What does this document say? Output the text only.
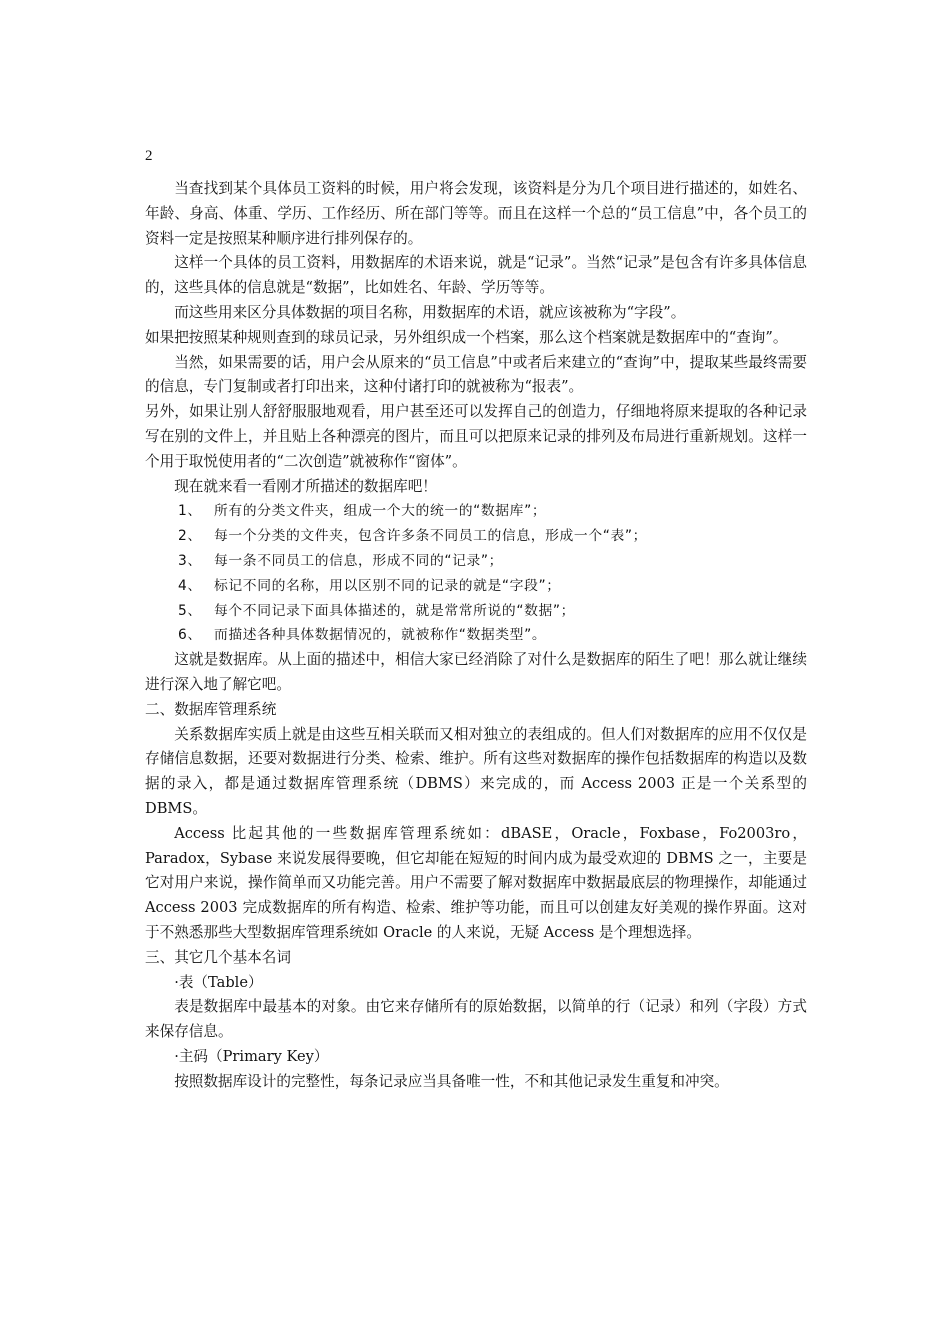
2

当查找到某个具体员工资料的时候，用户将会发现，该资料是分为几个项目进行描述的，如姓名、年龄、身高、体重、学历、工作经历、所在部门等等。而且在这样一个总的“员工信息”中，各个员工的资料一定是按照某种顺序进行排列保存的。

这样一个具体的员工资料，用数据库的术语来说，就是“记录”。当然“记录”是包含有许多具体信息的，这些具体的信息就是“数据”，比如姓名、年龄、学历等等。

而这些用来区分具体数据的项目名称，用数据库的术语，就应该被称为“字段”。

如果把按照某种规则查到的球员记录，另外组织成一个档案，那么这个档案就是数据库中的“查询”。

当然，如果需要的话，用户会从原来的“员工信息”中或者后来建立的“查询”中，提取某些最终需要的信息，专门复制或者打印出来，这种付诸打印的就被称为“报表”。

另外，如果让别人舒舒服服地观看，用户甚至还可以发挥自己的创造力，仔细地将原来提取的各种记录写在别的文件上，并且贴上各种漂亮的图片，而且可以把原来记录的排列及布局进行重新规划。这样一个用于取悦使用者的“二次创造”就被称作“窗体”。

现在就来看一看刚才所描述的数据库吧！

1、 所有的分类文件夹，组成一个大的统一的“数据库”；
2、 每一个分类的文件夹，包含许多条不同员工的信息，形成一个“表”；
3、 每一条不同员工的信息，形成不同的“记录”；
4、 标记不同的名称，用以区别不同的记录的就是“字段”；
5、 每个不同记录下面具体描述的，就是常常所说的“数据”；
6、 而描述各种具体数据情况的，就被称作“数据类型”。

这就是数据库。从上面的描述中，相信大家已经消除了对什么是数据库的陌生了吧！那么就让继续进行深入地了解它吧。

二、数据库管理系统

关系数据库实质上就是由这些互相关联而又相对独立的表组成的。但人们对数据库的应用不仅仅是存储信息数据，还要对数据进行分类、检索、维护。所有这些对数据库的操作包括数据库的构造以及数据的录入，都是通过数据库管理系统（DBMS）来完成的，而 Access 2003 正是一个关系型的 DBMS。

Access 比起其他的一些数据库管理系统如：dBASE，Oracle，Foxbase，Fo2003ro，Paradox，Sybase 来说发展得要晚，但它却能在短短的时间内成为最受欢迎的 DBMS 之一，主要是它对用户来说，操作简单而又功能完善。用户不需要了解对数据库中数据最底层的物理操作，却能通过 Access 2003 完成数据库的所有构造、检索、维护等功能，而且可以创建友好美观的操作界面。这对于不熟悉那些大型数据库管理系统如 Oracle 的人来说，无疑 Access 是个理想选择。

三、其它几个基本名词

·表（Table）

表是数据库中最基本的对象。由它来存储所有的原始数据，以简单的行（记录）和列（字段）方式来保存信息。

·主码（Primary Key）

按照数据库设计的完整性，每条记录应当具备唯一性，不和其他记录发生重复和冲突。
